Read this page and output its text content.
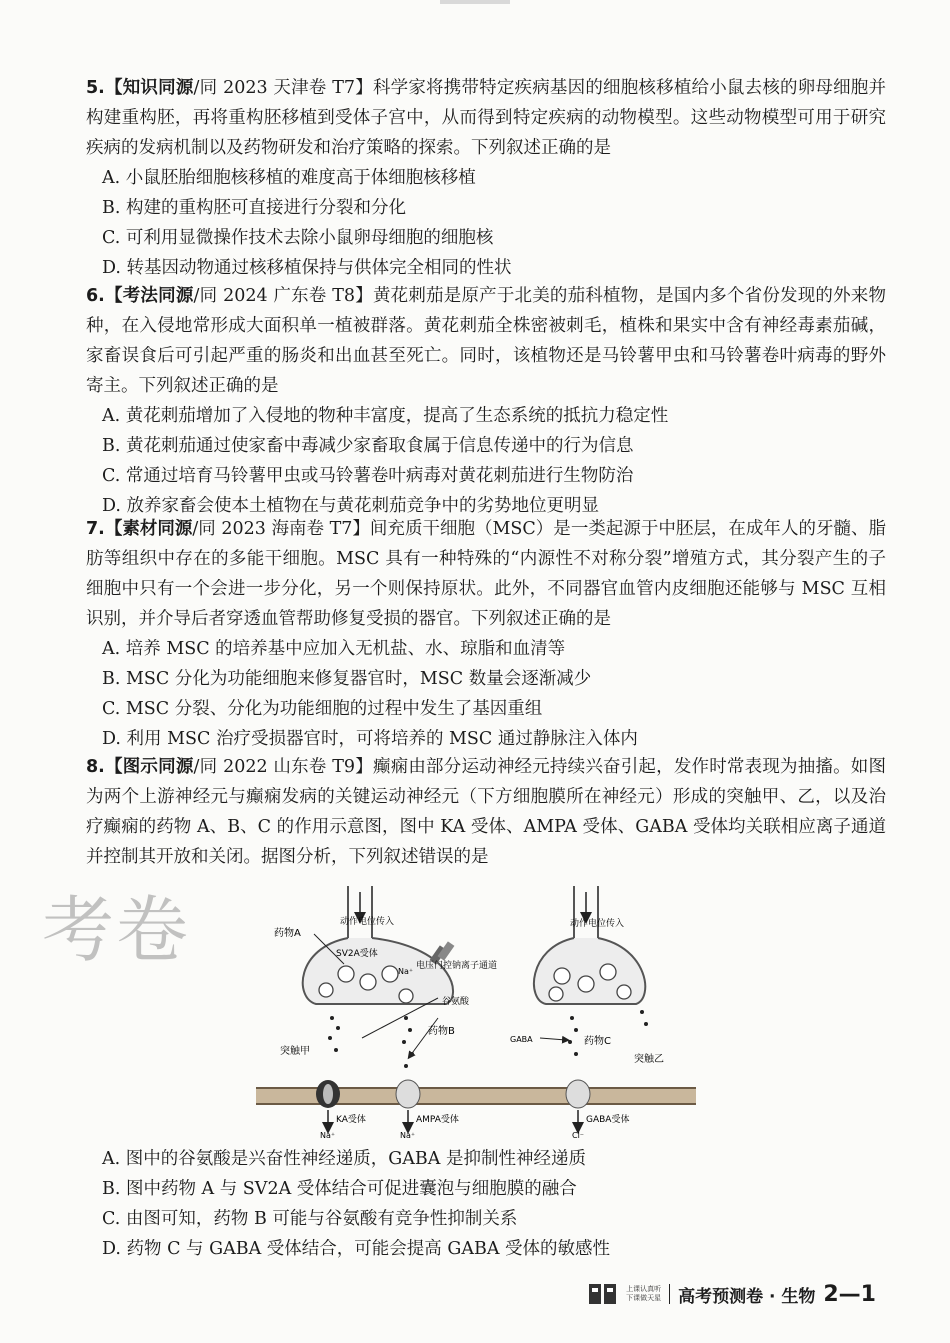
5.【知识同源/同 2023 天津卷 T7】科学家将携带特定疾病基因的细胞核移植给小鼠去核的卵母细胞并构建重构胚，再将重构胚移植到受体子宫中，从而得到特定疾病的动物模型。这些动物模型可用于研究疾病的发病机制以及药物研发和治疗策略的探索。下列叙述正确的是

A. 小鼠胚胎细胞核移植的难度高于体细胞核移植

B. 构建的重构胚可直接进行分裂和分化

C. 可利用显微操作技术去除小鼠卵母细胞的细胞核

D. 转基因动物通过核移植保持与供体完全相同的性状

6.【考法同源/同 2024 广东卷 T8】黄花刺茄是原产于北美的茄科植物，是国内多个省份发现的外来物种，在入侵地常形成大面积单一植被群落。黄花刺茄全株密被刺毛，植株和果实中含有神经毒素茄碱，家畜误食后可引起严重的肠炎和出血甚至死亡。同时，该植物还是马铃薯甲虫和马铃薯卷叶病毒的野外寄主。下列叙述正确的是

A. 黄花刺茄增加了入侵地的物种丰富度，提高了生态系统的抵抗力稳定性

B. 黄花刺茄通过使家畜中毒减少家畜取食属于信息传递中的行为信息

C. 常通过培育马铃薯甲虫或马铃薯卷叶病毒对黄花刺茄进行生物防治

D. 放养家畜会使本土植物在与黄花刺茄竞争中的劣势地位更明显

7.【素材同源/同 2023 海南卷 T7】间充质干细胞（MSC）是一类起源于中胚层，在成年人的牙髓、脂肪等组织中存在的多能干细胞。MSC 具有一种特殊的“内源性不对称分裂”增殖方式，其分裂产生的子细胞中只有一个会进一步分化，另一个则保持原状。此外，不同器官血管内皮细胞还能够与 MSC 互相识别，并介导后者穿透血管帮助修复受损的器官。下列叙述正确的是

A. 培养 MSC 的培养基中应加入无机盐、水、琼脂和血清等

B. MSC 分化为功能细胞来修复器官时，MSC 数量会逐渐减少

C. MSC 分裂、分化为功能细胞的过程中发生了基因重组

D. 利用 MSC 治疗受损器官时，可将培养的 MSC 通过静脉注入体内

8.【图示同源/同 2022 山东卷 T9】癫痫由部分运动神经元持续兴奋引起，发作时常表现为抽搐。如图为两个上游神经元与癫痫发病的关键运动神经元（下方细胞膜所在神经元）形成的突触甲、乙，以及治疗癫痫的药物 A、B、C 的作用示意图，图中 KA 受体、AMPA 受体、GABA 受体均关联相应离子通道并控制其开放和关闭。据图分析，下列叙述错误的是

考卷	药物A
动作电位传入	动作电位传入
SV2A受体
Na⁺
电压门控钠离子通道
谷氨酸
药物B
突触甲
GABA	药物C
突触乙
KA受体	AMPA受体	GABA受体
Na⁺	Na⁺	Cl⁻

A. 图中的谷氨酸是兴奋性神经递质，GABA 是抑制性神经递质

B. 图中药物 A 与 SV2A 受体结合可促进囊泡与细胞膜的融合

C. 由图可知，药物 B 可能与谷氨酸有竞争性抑制关系

D. 药物 C 与 GABA 受体结合，可能会提高 GABA 受体的敏感性

上课认真听
下课做天星 高考预测卷 · 生物 2—1
